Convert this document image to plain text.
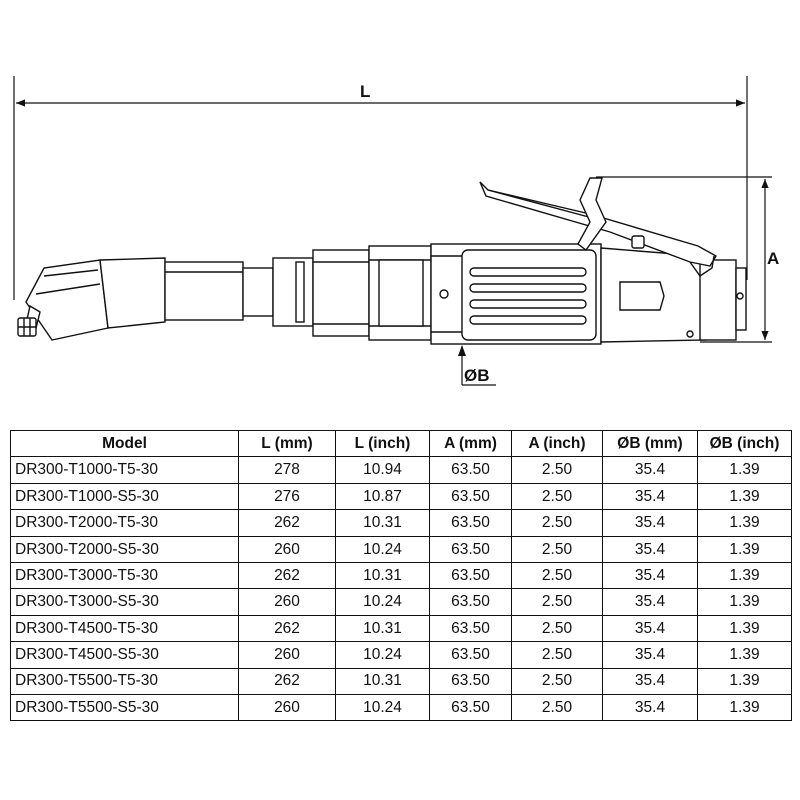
L
A
ØB
Model	L (mm)	L (inch)	A (mm)	A (inch)	ØB (mm)	ØB (inch)
DR300-T1000-T5-30	278	10.94	63.50	2.50	35.4	1.39
DR300-T1000-S5-30	276	10.87	63.50	2.50	35.4	1.39
DR300-T2000-T5-30	262	10.31	63.50	2.50	35.4	1.39
DR300-T2000-S5-30	260	10.24	63.50	2.50	35.4	1.39
DR300-T3000-T5-30	262	10.31	63.50	2.50	35.4	1.39
DR300-T3000-S5-30	260	10.24	63.50	2.50	35.4	1.39
DR300-T4500-T5-30	262	10.31	63.50	2.50	35.4	1.39
DR300-T4500-S5-30	260	10.24	63.50	2.50	35.4	1.39
DR300-T5500-T5-30	262	10.31	63.50	2.50	35.4	1.39
DR300-T5500-S5-30	260	10.24	63.50	2.50	35.4	1.39
